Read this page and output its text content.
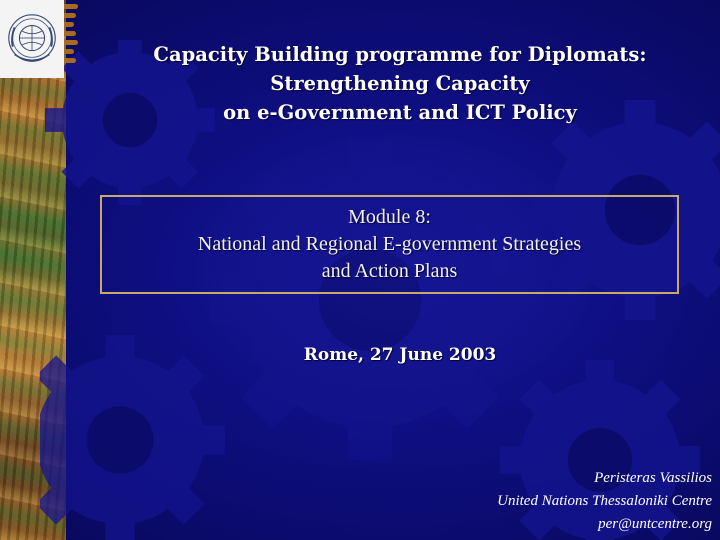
Capacity Building programme for Diplomats:
Strengthening Capacity
on e-Government and ICT Policy
Module 8:
National and Regional E-government Strategies
and Action Plans
Rome, 27 June 2003
Peristeras Vassilios
United Nations Thessaloniki Centre
per@untcentre.org
